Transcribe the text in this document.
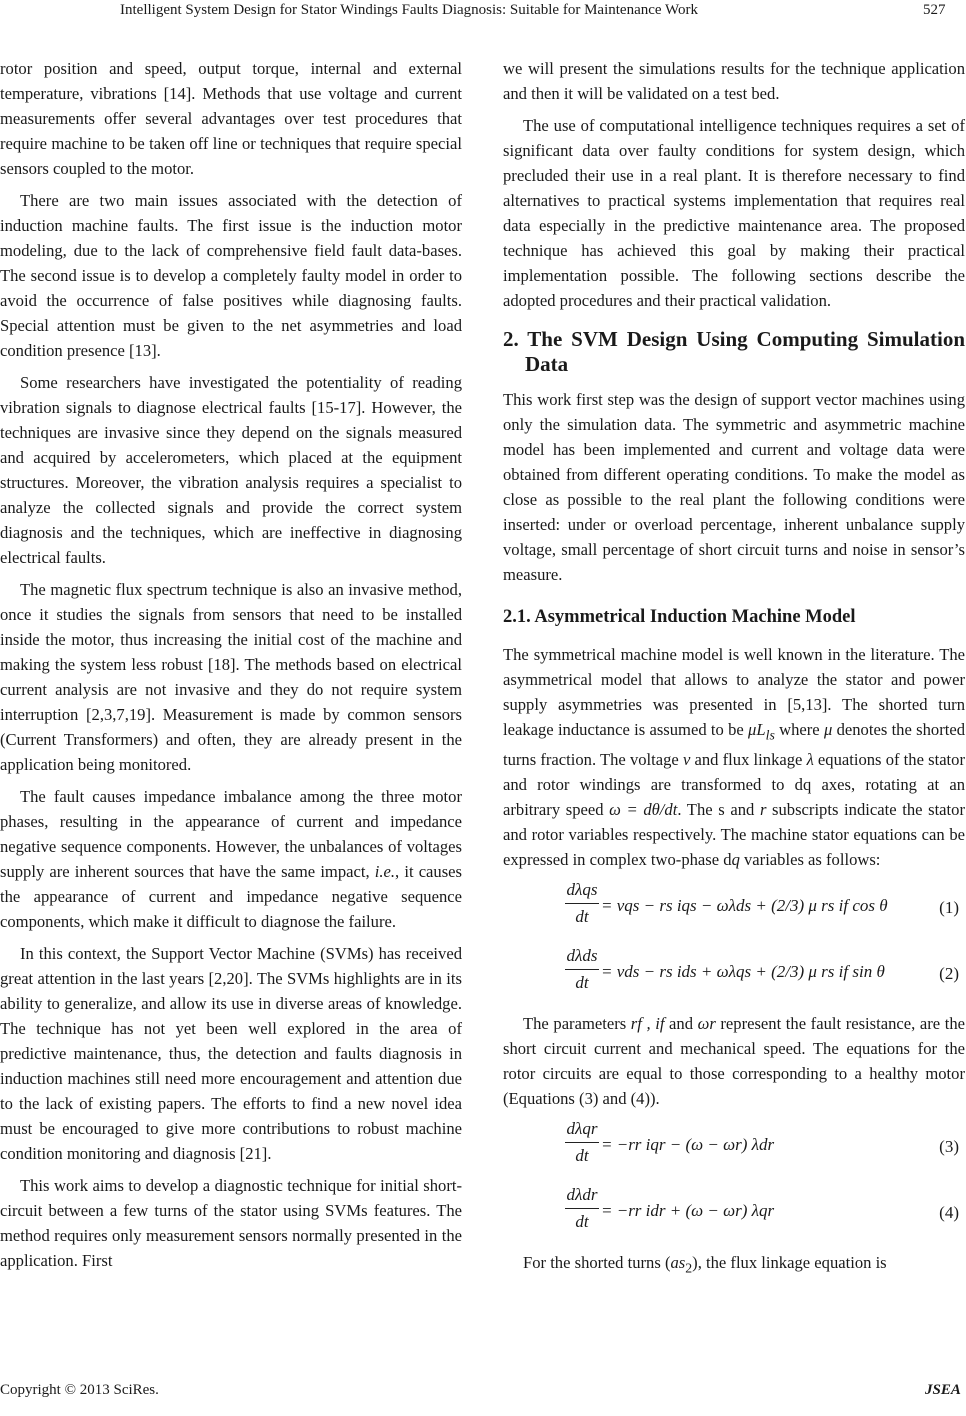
Intelligent System Design for Stator Windings Faults Diagnosis: Suitable for Maintenance Work	527

rotor position and speed, output torque, internal and external temperature, vibrations [14]. Methods that use voltage and current measurements offer several advantages over test procedures that require machine to be taken off line or techniques that require special sensors coupled to the motor.

There are two main issues associated with the detection of induction machine faults. The first issue is the induction motor modeling, due to the lack of comprehensive field fault data-bases. The second issue is to develop a completely faulty model in order to avoid the occurrence of false positives while diagnosing faults. Special attention must be given to the net asymmetries and load condition presence [13].

Some researchers have investigated the potentiality of reading vibration signals to diagnose electrical faults [15-17]. However, the techniques are invasive since they depend on the signals measured and acquired by accelerometers, which placed at the equipment structures. Moreover, the vibration analysis requires a specialist to analyze the collected signals and provide the correct system diagnosis and the techniques, which are ineffective in diagnosing electrical faults.

The magnetic flux spectrum technique is also an invasive method, once it studies the signals from sensors that need to be installed inside the motor, thus increasing the initial cost of the machine and making the system less robust [18]. The methods based on electrical current analysis are not invasive and they do not require system interruption [2,3,7,19]. Measurement is made by common sensors (Current Transformers) and often, they are already present in the application being monitored.

The fault causes impedance imbalance among the three motor phases, resulting in the appearance of current and impedance negative sequence components. However, the unbalances of voltages supply are inherent sources that have the same impact, i.e., it causes the appearance of current and impedance negative sequence components, which make it difficult to diagnose the failure.

In this context, the Support Vector Machine (SVMs) has received great attention in the last years [2,20]. The SVMs highlights are in its ability to generalize, and allow its use in diverse areas of knowledge. The technique has not yet been well explored in the area of predictive maintenance, thus, the detection and faults diagnosis in induction machines still need more encouragement and attention due to the lack of existing papers. The efforts to find a new novel idea must be encouraged to give more contributions to robust machine condition monitoring and diagnosis [21].

This work aims to develop a diagnostic technique for initial short-circuit between a few turns of the stator using SVMs features. The method requires only measurement sensors normally presented in the application. First

we will present the simulations results for the technique application and then it will be validated on a test bed.

The use of computational intelligence techniques requires a set of significant data over faulty conditions for system design, which precluded their use in a real plant. It is therefore necessary to find alternatives to practical systems implementation that requires real data especially in the predictive maintenance area. The proposed technique has achieved this goal by making their practical implementation possible. The following sections describe the adopted procedures and their practical validation.

2. The SVM Design Using Computing Simulation Data

This work first step was the design of support vector machines using only the simulation data. The symmetric and asymmetric machine model has been implemented and current and voltage data were obtained from different operating conditions. To make the model as close as possible to the real plant the following conditions were inserted: under or overload percentage, inherent unbalance supply voltage, small percentage of short circuit turns and noise in sensor’s measure.

2.1. Asymmetrical Induction Machine Model

The symmetrical machine model is well known in the literature. The asymmetrical model that allows to analyze the stator and power supply asymmetries was presented in [5,13]. The shorted turn leakage inductance is assumed to be $\mu L_{ls}$ where μ denotes the shorted turns fraction. The voltage v and flux linkage λ equations of the stator and rotor windings are transformed to dq axes, rotating at an arbitrary speed ω = dθ/dt. The s and r subscripts indicate the stator and rotor variables respectively. The machine stator equations can be expressed in complex two-phase dq variables as follows:

dλqs
dt
= vqs − rs iqs − ωλds + (2/3) μ rs if cos θ	(1)
dλds
dt
= vds − rs ids + ωλqs + (2/3) μ rs if sin θ	(2)

The parameters rf , if and ωr represent the fault resistance, are the short circuit current and mechanical speed. The equations for the rotor circuits are equal to those corresponding to a healthy motor (Equations (3) and (4)).

dλqr
dt
= −rr iqr − (ω − ωr) λdr	(3)
dλdr
dt
= −rr idr + (ω − ωr) λqr	(4)

For the shorted turns $(as_2)$, the flux linkage equation is

Copyright © 2013 SciRes.	JSEA
